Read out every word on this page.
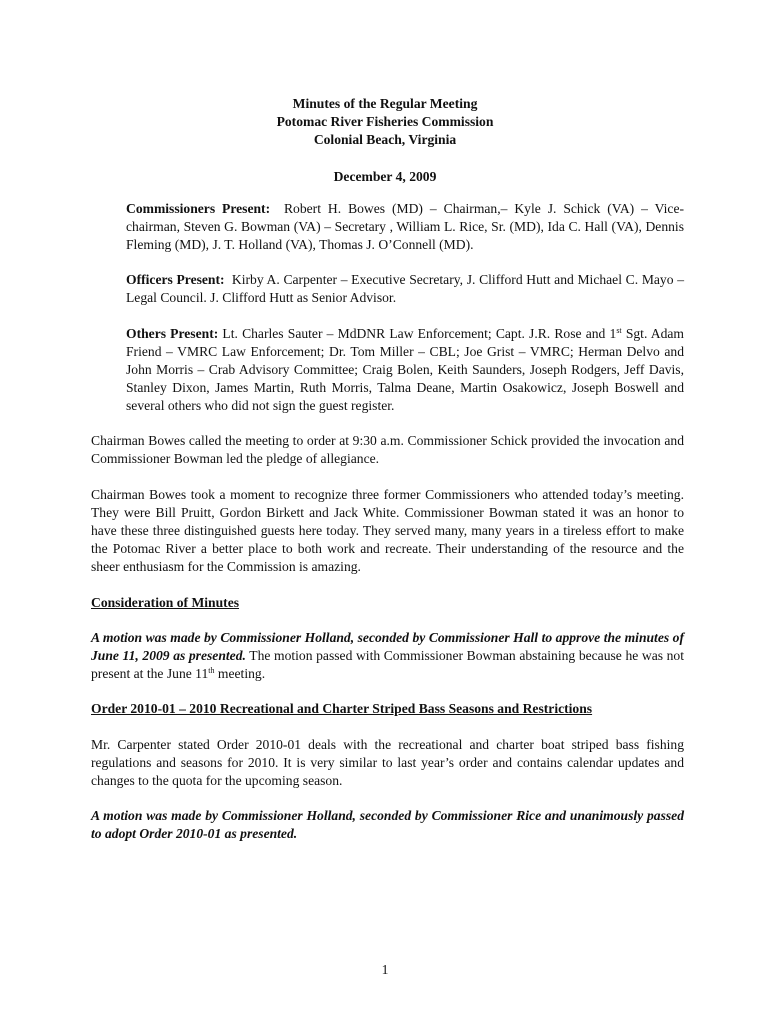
Minutes of the Regular Meeting
Potomac River Fisheries Commission
Colonial Beach, Virginia
December 4, 2009

Commissioners Present: Robert H. Bowes (MD) – Chairman,– Kyle J. Schick (VA) – Vice-chairman, Steven G. Bowman (VA) – Secretary , William L. Rice, Sr. (MD), Ida C. Hall (VA), Dennis Fleming (MD), J. T. Holland (VA), Thomas J. O’Connell (MD).

Officers Present: Kirby A. Carpenter – Executive Secretary, J. Clifford Hutt and Michael C. Mayo – Legal Council. J. Clifford Hutt as Senior Advisor.

Others Present: Lt. Charles Sauter – MdDNR Law Enforcement; Capt. J.R. Rose and 1st Sgt. Adam Friend – VMRC Law Enforcement; Dr. Tom Miller – CBL; Joe Grist – VMRC; Herman Delvo and John Morris – Crab Advisory Committee; Craig Bolen, Keith Saunders, Joseph Rodgers, Jeff Davis, Stanley Dixon, James Martin, Ruth Morris, Talma Deane, Martin Osakowicz, Joseph Boswell and several others who did not sign the guest register.

Chairman Bowes called the meeting to order at 9:30 a.m. Commissioner Schick provided the invocation and Commissioner Bowman led the pledge of allegiance.

Chairman Bowes took a moment to recognize three former Commissioners who attended today’s meeting. They were Bill Pruitt, Gordon Birkett and Jack White. Commissioner Bowman stated it was an honor to have these three distinguished guests here today. They served many, many years in a tireless effort to make the Potomac River a better place to both work and recreate. Their understanding of the resource and the sheer enthusiasm for the Commission is amazing.

Consideration of Minutes

A motion was made by Commissioner Holland, seconded by Commissioner Hall to approve the minutes of June 11, 2009 as presented. The motion passed with Commissioner Bowman abstaining because he was not present at the June 11th meeting.

Order 2010-01 – 2010 Recreational and Charter Striped Bass Seasons and Restrictions

Mr. Carpenter stated Order 2010-01 deals with the recreational and charter boat striped bass fishing regulations and seasons for 2010. It is very similar to last year’s order and contains calendar updates and changes to the quota for the upcoming season.

A motion was made by Commissioner Holland, seconded by Commissioner Rice and unanimously passed to adopt Order 2010-01 as presented.

1
